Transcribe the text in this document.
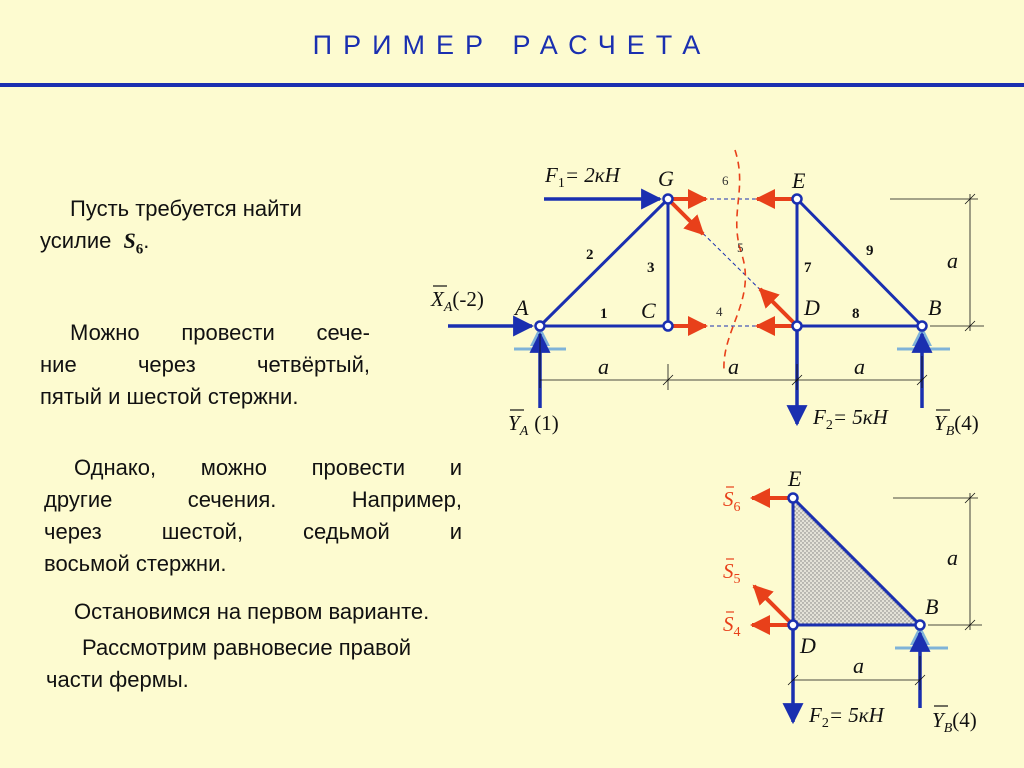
ПРИМЕР РАСЧЕТА
Пусть требуется найти
усилие $S_6$.
Можно провести сече-
ние через четвёртый,
пятый и шестой стержни.
Однако, можно провести и
другие сечения. Например,
через шестой, седьмой и
восьмой стержни.
Остановимся на первом варианте.
Рассмотрим равновесие правой
части фермы.
G	E
A	C	D	B
1
2
3	7
8
9
6
5
4
a	a	a
a
$F_1= 2кН$
$X_A(-2)$
$Y_A$ (1)	$F_2= 5кН$ $Y_B(4)$
E
D
B
a
a
$S_6$
$S_5$
$S_4$
$F_2= 5кН$ $Y_B(4)$
